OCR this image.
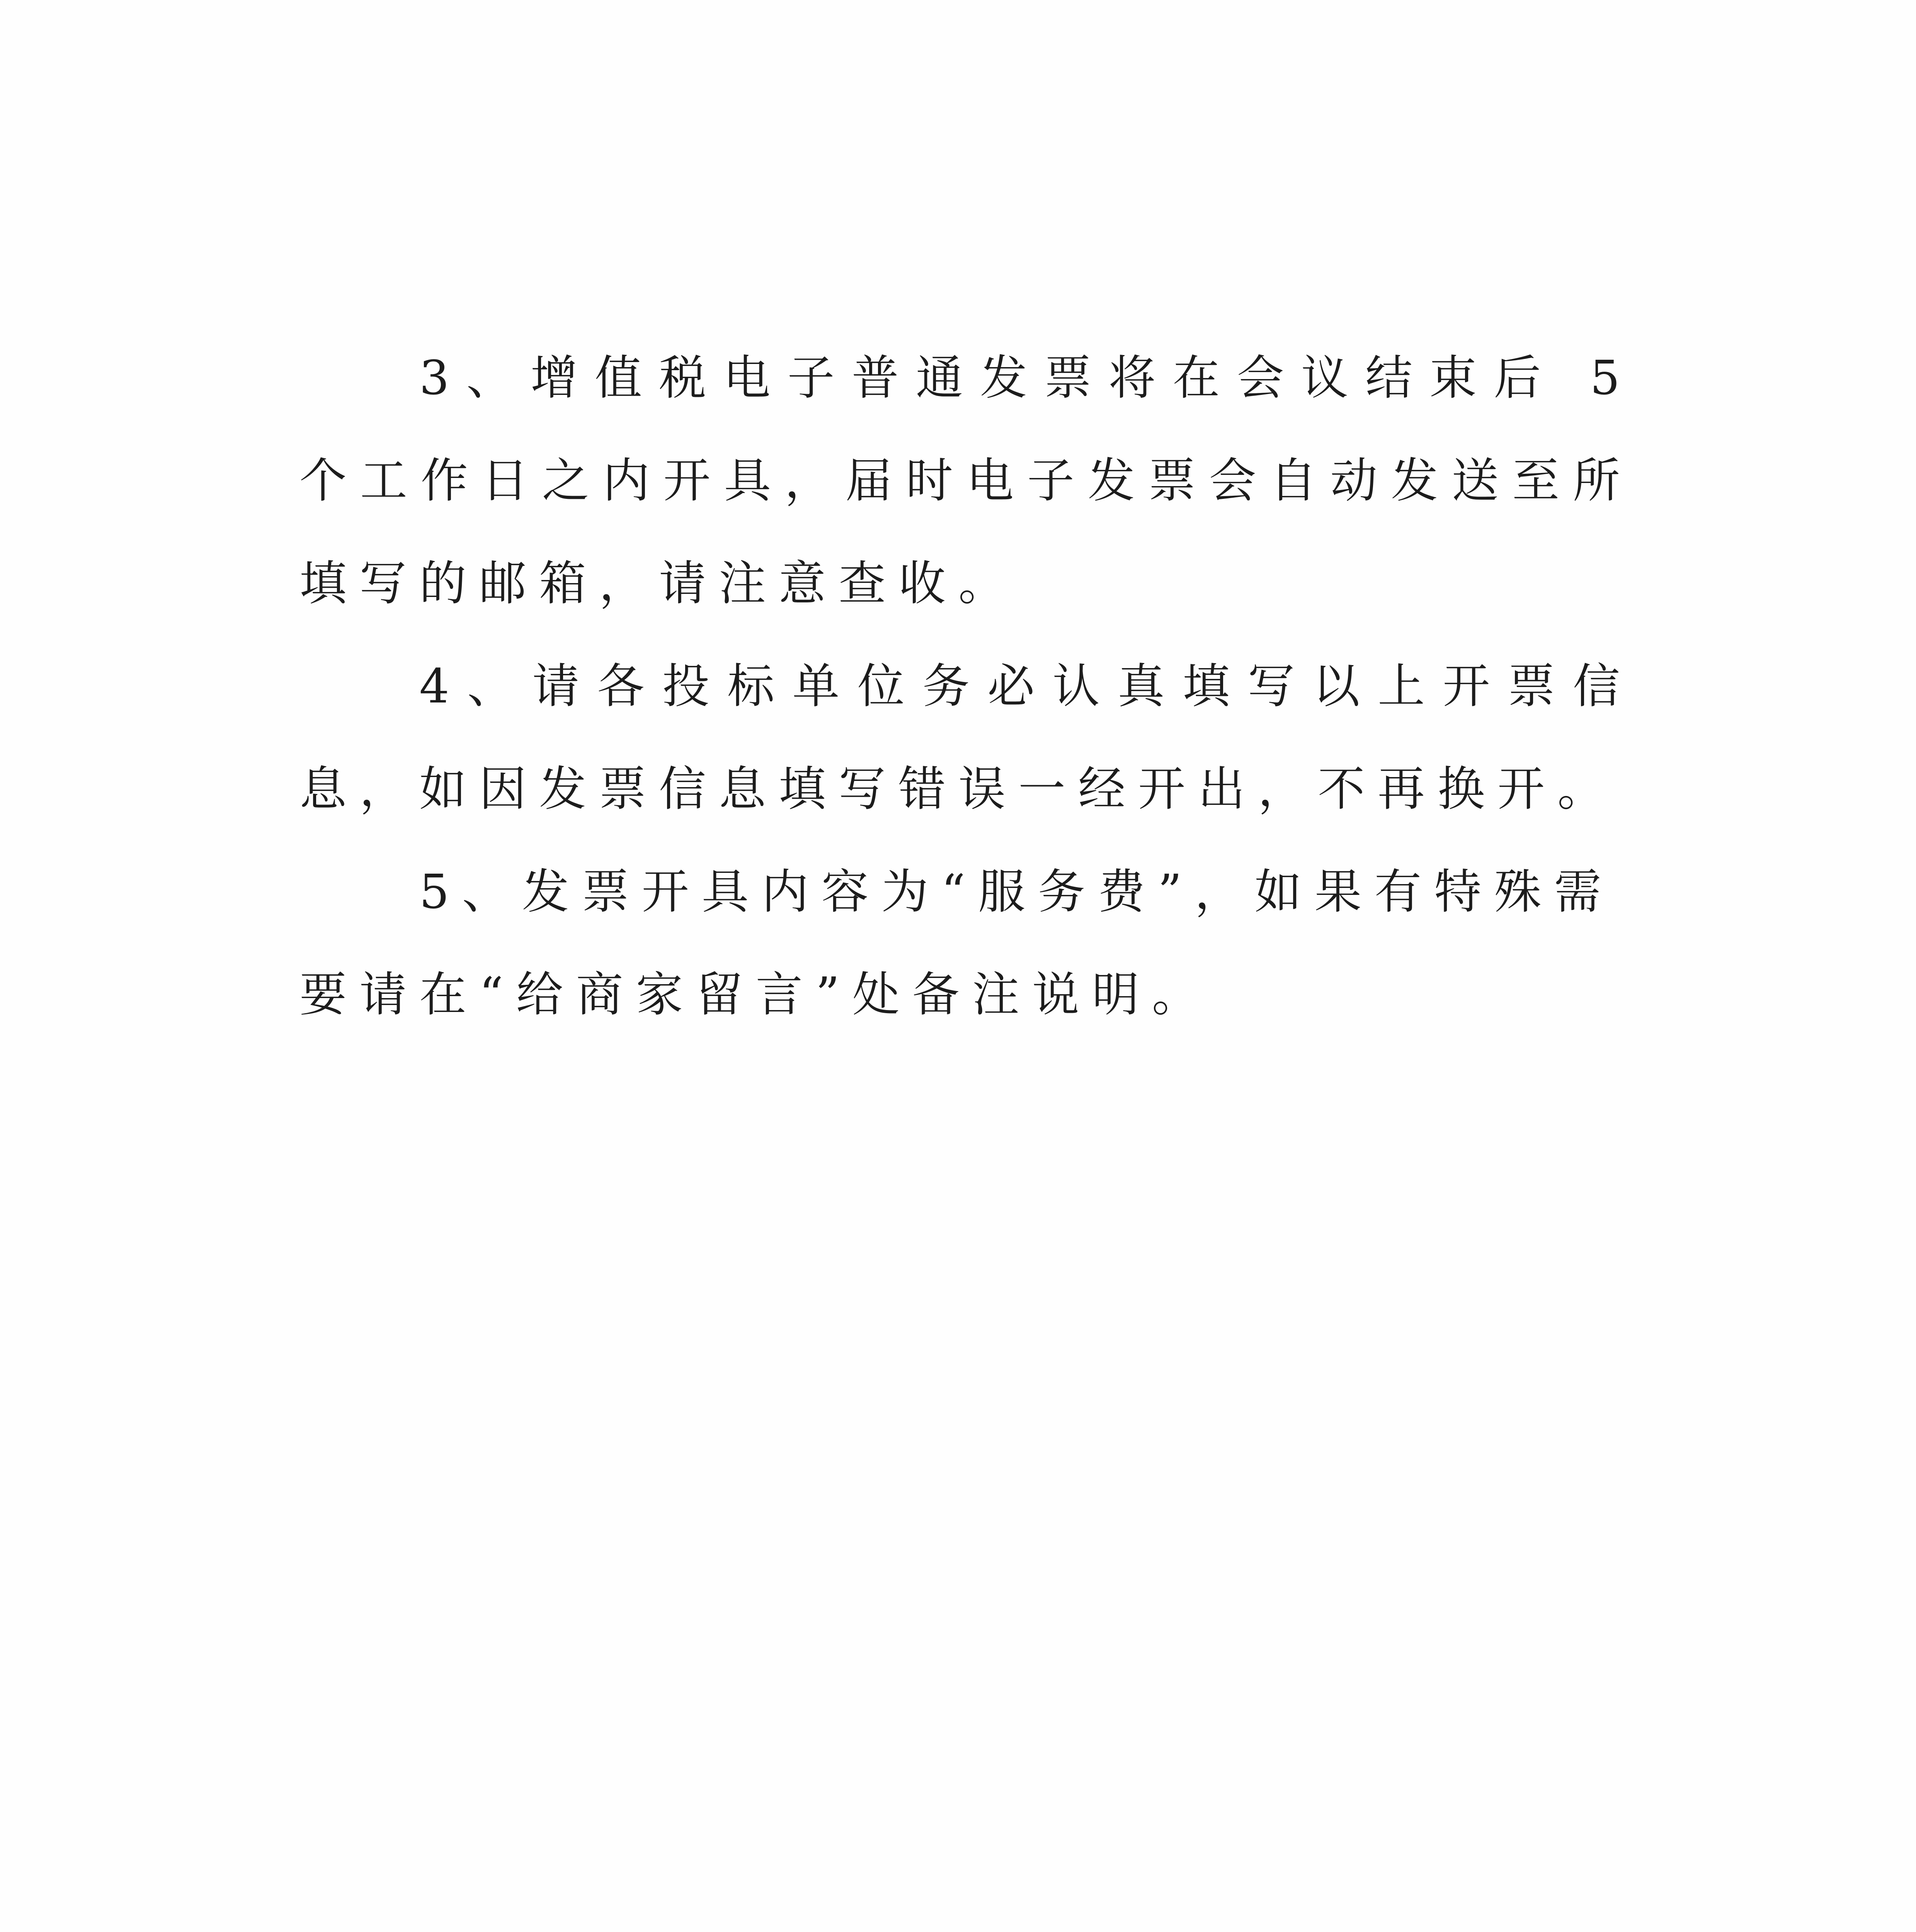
3、增值税电子普通发票将在会议结束后 5 个工作日之内开具，届时电子发票会自动发送至所填写的邮箱，请注意查收。

4、请各投标单位务必认真填写以上开票信息，如因发票信息填写错误一经开出，不再换开。

5、发票开具内容为“服务费”，如果有特殊需要请在“给商家留言”处备注说明。
